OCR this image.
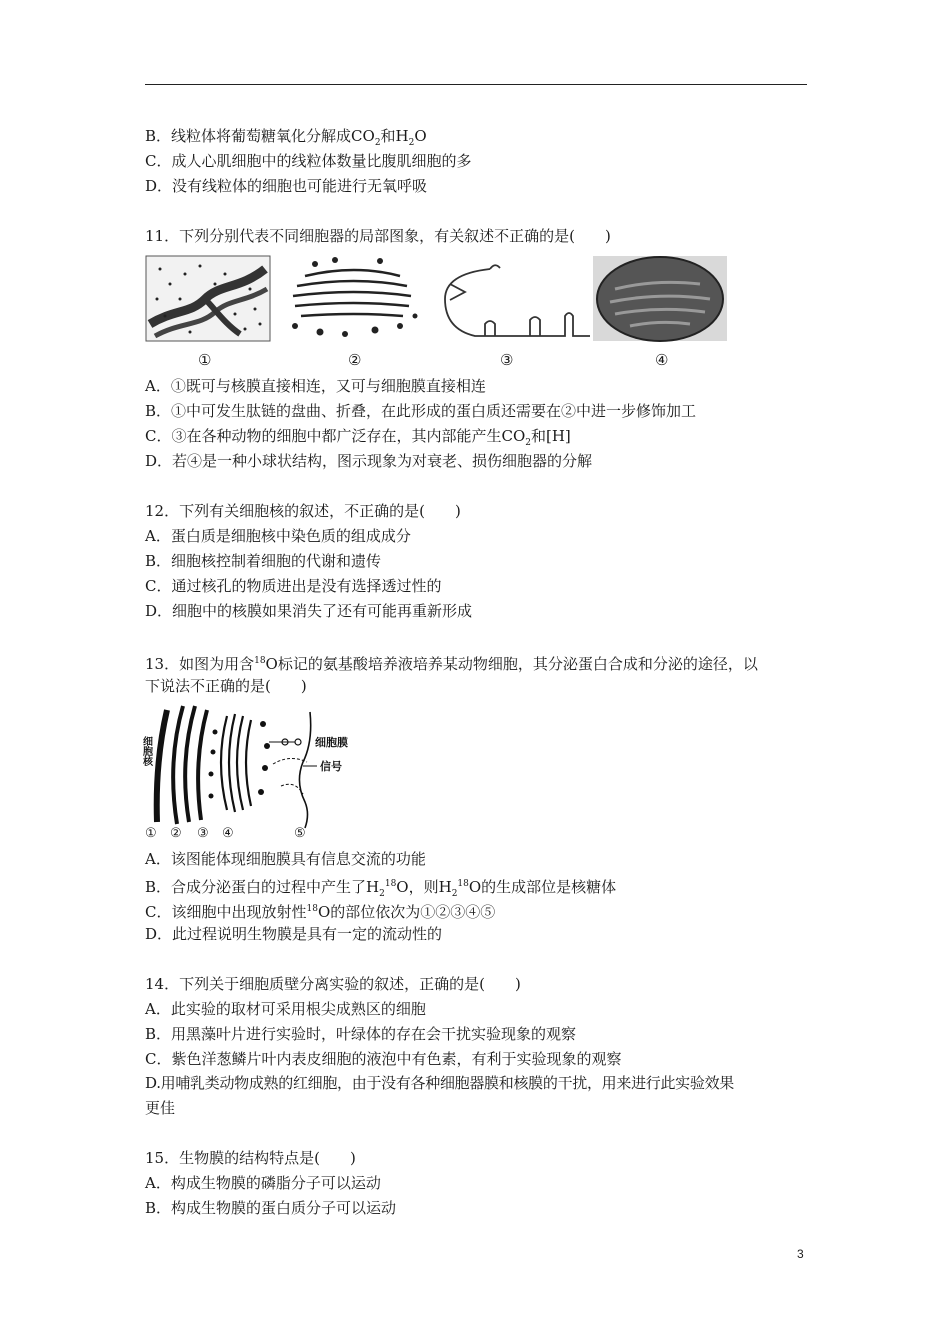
B．线粒体将葡萄糖氧化分解成$CO_2$和$H_2O$
C．成人心肌细胞中的线粒体数量比腹肌细胞的多
D．没有线粒体的细胞也可能进行无氧呼吸
11．下列分别代表不同细胞器的局部图象，有关叙述不正确的是(　　)
①	②	③	④
A．①既可与核膜直接相连，又可与细胞膜直接相连
B．①中可发生肽链的盘曲、折叠，在此形成的蛋白质还需要在②中进一步修饰加工
C．③在各种动物的细胞中都广泛存在，其内部能产生$CO_2$和[H]
D．若④是一种小球状结构，图示现象为对衰老、损伤细胞器的分解
12．下列有关细胞核的叙述，不正确的是(　　)
A．蛋白质是细胞核中染色质的组成成分
B．细胞核控制着细胞的代谢和遗传
C．通过核孔的物质进出是没有选择透过性的
D．细胞中的核膜如果消失了还有可能再重新形成
13．如图为用含$^{18}$O标记的氨基酸培养液培养某动物细胞，其分泌蛋白合成和分泌的途径，以
下说法不正确的是(　　)
细胞核	细胞膜
信号
① ② ③ ④	⑤
A．该图能体现细胞膜具有信息交流的功能
B．合成分泌蛋白的过程中产生了$H_2^{18}O$，则$H_2^{18}O$的生成部位是核糖体
C．该细胞中出现放射性$^{18}$O的部位依次为①②③④⑤
D．此过程说明生物膜是具有一定的流动性的
14．下列关于细胞质壁分离实验的叙述，正确的是(　　)
A．此实验的取材可采用根尖成熟区的细胞
B．用黑藻叶片进行实验时，叶绿体的存在会干扰实验现象的观察
C．紫色洋葱鳞片叶内表皮细胞的液泡中有色素，有利于实验现象的观察
D.用哺乳类动物成熟的红细胞，由于没有各种细胞器膜和核膜的干扰，用来进行此实验效果
更佳
15．生物膜的结构特点是(　　)
A．构成生物膜的磷脂分子可以运动
B．构成生物膜的蛋白质分子可以运动
3
